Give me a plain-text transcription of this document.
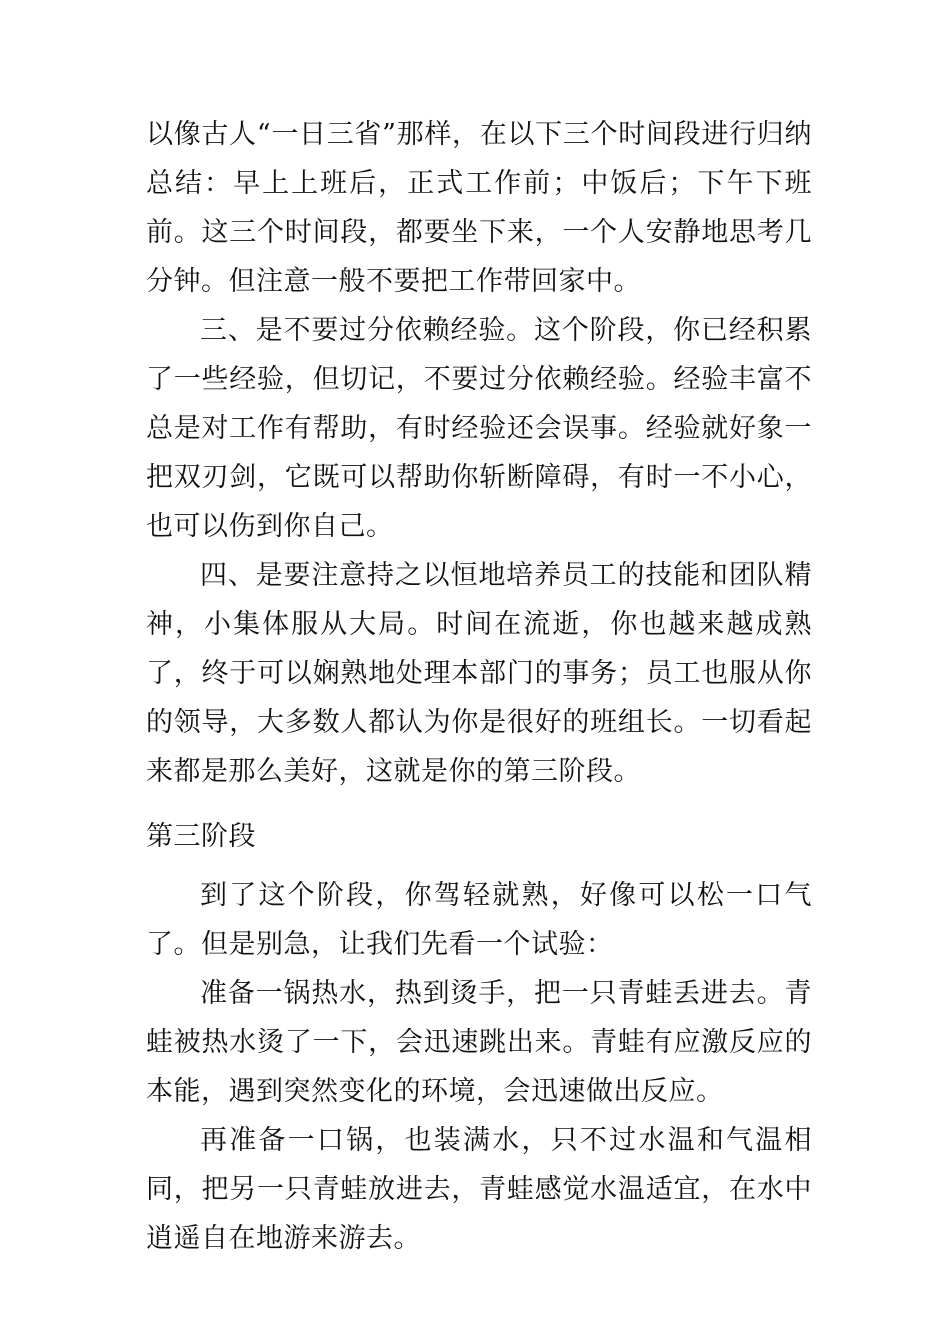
以像古人“一日三省”那样，在以下三个时间段进行归纳总结：早上上班后，正式工作前；中饭后；下午下班前。这三个时间段，都要坐下来，一个人安静地思考几分钟。但注意一般不要把工作带回家中。

三、是不要过分依赖经验。这个阶段，你已经积累了一些经验，但切记，不要过分依赖经验。经验丰富不总是对工作有帮助，有时经验还会误事。经验就好象一把双刃剑，它既可以帮助你斩断障碍，有时一不小心，也可以伤到你自己。

四、是要注意持之以恒地培养员工的技能和团队精神，小集体服从大局。时间在流逝，你也越来越成熟了，终于可以娴熟地处理本部门的事务；员工也服从你的领导，大多数人都认为你是很好的班组长。一切看起来都是那么美好，这就是你的第三阶段。

第三阶段

到了这个阶段，你驾轻就熟，好像可以松一口气了。但是别急，让我们先看一个试验：

准备一锅热水，热到烫手，把一只青蛙丢进去。青蛙被热水烫了一下，会迅速跳出来。青蛙有应激反应的本能，遇到突然变化的环境，会迅速做出反应。

再准备一口锅，也装满水，只不过水温和气温相同，把另一只青蛙放进去，青蛙感觉水温适宜，在水中逍遥自在地游来游去。
